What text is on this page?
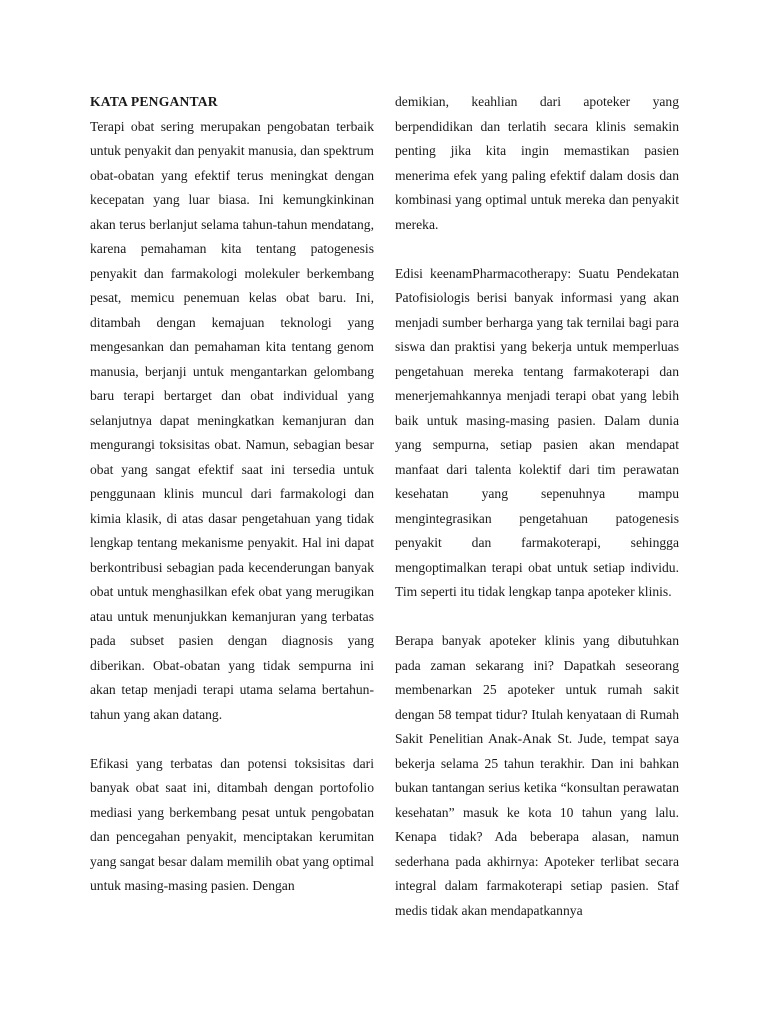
KATA PENGANTAR

Terapi obat sering merupakan pengobatan terbaik untuk penyakit dan penyakit manusia, dan spektrum obat-obatan yang efektif terus meningkat dengan kecepatan yang luar biasa. Ini kemungkinkinan akan terus berlanjut selama tahun-tahun mendatang, karena pemahaman kita tentang patogenesis penyakit dan farmakologi molekuler berkembang pesat, memicu penemuan kelas obat baru. Ini, ditambah dengan kemajuan teknologi yang mengesankan dan pemahaman kita tentang genom manusia, berjanji untuk mengantarkan gelombang baru terapi bertarget dan obat individual yang selanjutnya dapat meningkatkan kemanjuran dan mengurangi toksisitas obat. Namun, sebagian besar obat yang sangat efektif saat ini tersedia untuk penggunaan klinis muncul dari farmakologi dan kimia klasik, di atas dasar pengetahuan yang tidak lengkap tentang mekanisme penyakit. Hal ini dapat berkontribusi sebagian pada kecenderungan banyak obat untuk menghasilkan efek obat yang merugikan atau untuk menunjukkan kemanjuran yang terbatas pada subset pasien dengan diagnosis yang diberikan. Obat-obatan yang tidak sempurna ini akan tetap menjadi terapi utama selama bertahun-tahun yang akan datang.

Efikasi yang terbatas dan potensi toksisitas dari banyak obat saat ini, ditambah dengan portofolio mediasi yang berkembang pesat untuk pengobatan dan pencegahan penyakit, menciptakan kerumitan yang sangat besar dalam memilih obat yang optimal untuk masing-masing pasien. Dengan

demikian, keahlian dari apoteker yang berpendidikan dan terlatih secara klinis semakin penting jika kita ingin memastikan pasien menerima efek yang paling efektif dalam dosis dan kombinasi yang optimal untuk mereka dan penyakit mereka.

Edisi keenamPharmacotherapy: Suatu Pendekatan Patofisiologis berisi banyak informasi yang akan menjadi sumber berharga yang tak ternilai bagi para siswa dan praktisi yang bekerja untuk memperluas pengetahuan mereka tentang farmakoterapi dan menerjemahkannya menjadi terapi obat yang lebih baik untuk masing-masing pasien. Dalam dunia yang sempurna, setiap pasien akan mendapat manfaat dari talenta kolektif dari tim perawatan kesehatan yang sepenuhnya mampu mengintegrasikan pengetahuan patogenesis penyakit dan farmakoterapi, sehingga mengoptimalkan terapi obat untuk setiap individu. Tim seperti itu tidak lengkap tanpa apoteker klinis.

Berapa banyak apoteker klinis yang dibutuhkan pada zaman sekarang ini? Dapatkah seseorang membenarkan 25 apoteker untuk rumah sakit dengan 58 tempat tidur? Itulah kenyataan di Rumah Sakit Penelitian Anak-Anak St. Jude, tempat saya bekerja selama 25 tahun terakhir. Dan ini bahkan bukan tantangan serius ketika “konsultan perawatan kesehatan” masuk ke kota 10 tahun yang lalu. Kenapa tidak? Ada beberapa alasan, namun sederhana pada akhirnya: Apoteker terlibat secara integral dalam farmakoterapi setiap pasien. Staf medis tidak akan mendapatkannya
